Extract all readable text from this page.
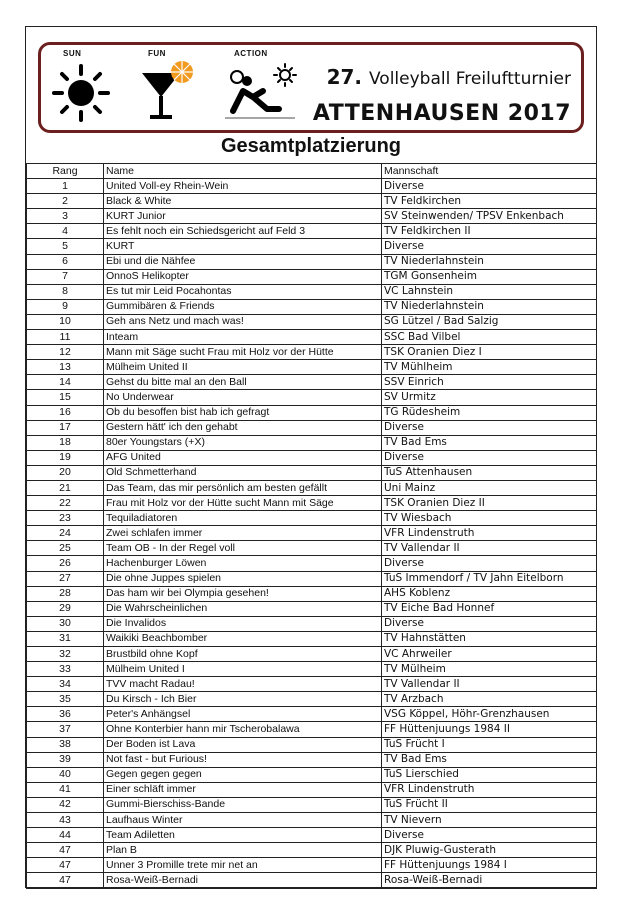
SUN	FUN	ACTION
27. Volleyball Freiluftturnier
ATTENHAUSEN 2017
Gesamtplatzierung
Rang	Name	Mannschaft
1	United Voll-ey Rhein-Wein	Diverse
2	Black & White	TV Feldkirchen
3	KURT Junior	SV Steinwenden/ TPSV Enkenbach
4	Es fehlt noch ein Schiedsgericht auf Feld 3	TV Feldkirchen II
5	KURT	Diverse
6	Ebi und die Nähfee	TV Niederlahnstein
7	OnnoS Helikopter	TGM Gonsenheim
8	Es tut mir Leid Pocahontas	VC Lahnstein
9	Gummibären & Friends	TV Niederlahnstein
10	Geh ans Netz und mach was!	SG Lützel / Bad Salzig
11	Inteam	SSC Bad Vilbel
12	Mann mit Säge sucht Frau mit Holz vor der Hütte	TSK Oranien Diez I
13	Mülheim United II	TV Mühlheim
14	Gehst du bitte mal an den Ball	SSV Einrich
15	No Underwear	SV Urmitz
16	Ob du besoffen bist hab ich gefragt	TG Rüdesheim
17	Gestern hätt' ich den gehabt	Diverse
18	80er Youngstars (+X)	TV Bad Ems
19	AFG United	Diverse
20	Old Schmetterhand	TuS Attenhausen
21	Das Team, das mir persönlich am besten gefällt	Uni Mainz
22	Frau mit Holz vor der Hütte sucht Mann mit Säge	TSK Oranien Diez II
23	Tequiladiatoren	TV Wiesbach
24	Zwei schlafen immer	VFR Lindenstruth
25	Team OB - In der Regel voll	TV Vallendar II
26	Hachenburger Löwen	Diverse
27	Die ohne Juppes spielen	TuS Immendorf / TV Jahn Eitelborn
28	Das ham wir bei Olympia gesehen!	AHS Koblenz
29	Die Wahrscheinlichen	TV Eiche Bad Honnef
30	Die Invalidos	Diverse
31	Waikiki Beachbomber	TV Hahnstätten
32	Brustbild ohne Kopf	VC Ahrweiler
33	Mülheim United I	TV Mülheim
34	TVV macht Radau!	TV Vallendar II
35	Du Kirsch - Ich Bier	TV Arzbach
36	Peter's Anhängsel	VSG Köppel, Höhr-Grenzhausen
37	Ohne Konterbier hann mir Tscherobalawa	FF Hüttenjuungs 1984 II
38	Der Boden ist Lava	TuS Frücht I
39	Not fast - but Furious!	TV Bad Ems
40	Gegen gegen gegen	TuS Lierschied
41	Einer schläft immer	VFR Lindenstruth
42	Gummi-Bierschiss-Bande	TuS Frücht II
43	Laufhaus Winter	TV Nievern
44	Team Adiletten	Diverse
47	Plan B	DJK Pluwig-Gusterath
47	Unner 3 Promille trete mir net an	FF Hüttenjuungs 1984 I
47	Rosa-Weiß-Bernadi	Rosa-Weiß-Bernadi
